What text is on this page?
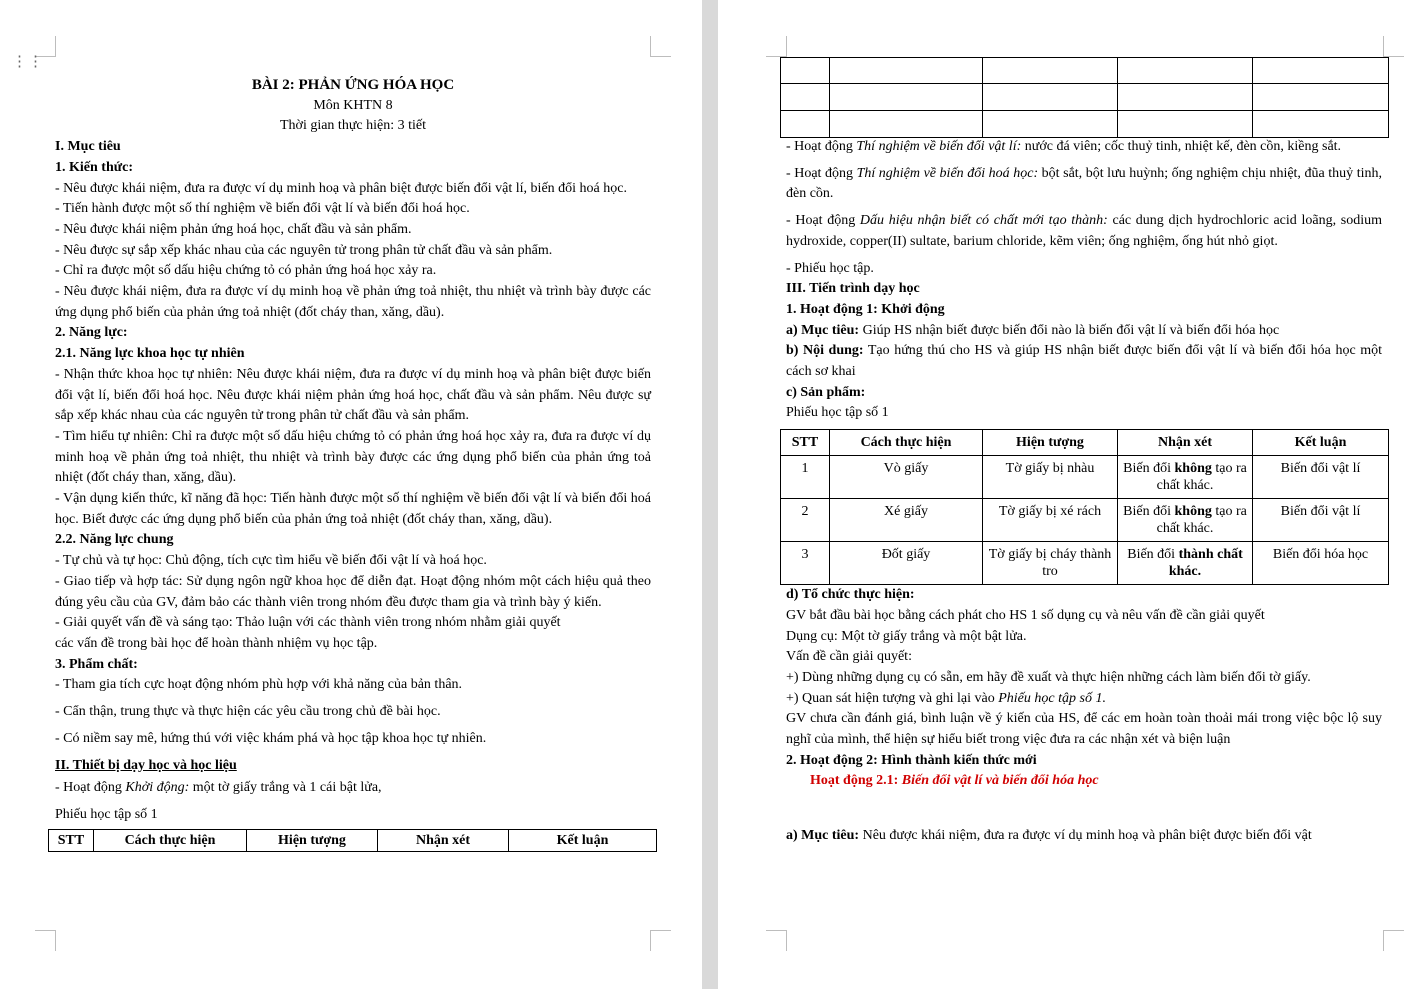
⋮⋮

BÀI 2: PHẢN ỨNG HÓA HỌC

Môn KHTN 8

Thời gian thực hiện: 3 tiết

I. Mục tiêu

1. Kiến thức:

- Nêu được khái niệm, đưa ra được ví dụ minh hoạ và phân biệt được biến đổi vật lí, biến đổi hoá học.

- Tiến hành được một số thí nghiệm về biến đổi vật lí và biến đổi hoá học.

- Nêu được khái niệm phản ứng hoá học, chất đầu và sản phẩm.

- Nêu được sự sắp xếp khác nhau của các nguyên tử trong phân tử chất đầu và sản phẩm.

- Chỉ ra được một số dấu hiệu chứng tỏ có phản ứng hoá học xảy ra.

- Nêu được khái niệm, đưa ra được ví dụ minh hoạ về phản ứng toả nhiệt, thu nhiệt và trình bày được các ứng dụng phổ biến của phản ứng toả nhiệt (đốt cháy than, xăng, dầu).

2. Năng lực:

2.1. Năng lực khoa học tự nhiên

- Nhận thức khoa học tự nhiên: Nêu được khái niệm, đưa ra được ví dụ minh hoạ và phân biệt được biến đổi vật lí, biến đổi hoá học. Nêu được khái niệm phản ứng hoá học, chất đầu và sản phẩm. Nêu được sự sắp xếp khác nhau của các nguyên tử trong phân tử chất đầu và sản phẩm.

- Tìm hiểu tự nhiên: Chỉ ra được một số dấu hiệu chứng tỏ có phản ứng hoá học xảy ra, đưa ra được ví dụ minh hoạ về phản ứng toả nhiệt, thu nhiệt và trình bày được các ứng dụng phổ biến của phản ứng toả nhiệt (đốt cháy than, xăng, dầu).

- Vận dụng kiến thức, kĩ năng đã học: Tiến hành được một số thí nghiệm về biến đổi vật lí và biến đổi hoá học. Biết được các ứng dụng phổ biến của phản ứng toả nhiệt (đốt cháy than, xăng, dầu).

2.2. Năng lực chung

- Tự chủ và tự học: Chủ động, tích cực tìm hiểu về biến đổi vật lí và hoá học.

- Giao tiếp và hợp tác: Sử dụng ngôn ngữ khoa học để diễn đạt. Hoạt động nhóm một cách hiệu quả theo đúng yêu cầu của GV, đảm bảo các thành viên trong nhóm đều được tham gia và trình bày ý kiến.

- Giải quyết vấn đề và sáng tạo: Thảo luận với các thành viên trong nhóm nhằm giải quyết

các vấn đề trong bài học để hoàn thành nhiệm vụ học tập.

3. Phẩm chất:

- Tham gia tích cực hoạt động nhóm phù hợp với khả năng của bản thân.

- Cẩn thận, trung thực và thực hiện các yêu cầu trong chủ đề bài học.

- Có niềm say mê, hứng thú với việc khám phá và học tập khoa học tự nhiên.

II. Thiết bị dạy học và học liệu

- Hoạt động Khởi động: một tờ giấy trắng và 1 cái bật lửa,

Phiếu học tập số 1

STT	Cách thực hiện	Hiện tượng	Nhận xét	Kết luận

- Hoạt động Thí nghiệm về biến đổi vật lí: nước đá viên; cốc thuỷ tinh, nhiệt kế, đèn cồn, kiềng sắt.

- Hoạt động Thí nghiệm về biến đổi hoá học: bột sắt, bột lưu huỳnh; ống nghiệm chịu nhiệt, đũa thuỷ tinh, đèn cồn.

- Hoạt động Dấu hiệu nhận biết có chất mới tạo thành: các dung dịch hydrochloric acid loãng, sodium hydroxide, copper(II) sultate, barium chloride, kẽm viên; ống nghiệm, ống hút nhỏ giọt.

- Phiếu học tập.

III. Tiến trình dạy học

1. Hoạt động 1: Khởi động

a) Mục tiêu: Giúp HS nhận biết được biến đổi nào là biến đổi vật lí và biến đổi hóa học

b) Nội dung: Tạo hứng thú cho HS và giúp HS nhận biết được biến đổi vật lí và biến đổi hóa học một cách sơ khai

c) Sản phẩm:

Phiếu học tập số 1

STT	Cách thực hiện	Hiện tượng	Nhận xét	Kết luận
1	Vò giấy	Tờ giấy bị nhàu	Biến đổi không tạo ra chất khác.	Biến đổi vật lí
2	Xé giấy	Tờ giấy bị xé rách	Biến đổi không tạo ra chất khác.	Biến đổi vật lí
3	Đốt giấy	Tờ giấy bị cháy thành tro	Biến đổi thành chất khác.	Biến đổi hóa học

d) Tổ chức thực hiện:

GV bắt đầu bài học bằng cách phát cho HS 1 số dụng cụ và nêu vấn đề cần giải quyết

Dụng cụ: Một tờ giấy trắng và một bật lửa.

Vấn đề cần giải quyết:

+) Dùng những dụng cụ có sẵn, em hãy đề xuất và thực hiện những cách làm biến đổi tờ giấy.

+) Quan sát hiện tượng và ghi lại vào Phiếu học tập số 1.

GV chưa cần đánh giá, bình luận về ý kiến của HS, để các em hoàn toàn thoải mái trong việc bộc lộ suy nghĩ của mình, thể hiện sự hiểu biết trong việc đưa ra các nhận xét và biện luận

2. Hoạt động 2: Hình thành kiến thức mới

Hoạt động 2.1: Biến đổi vật lí và biến đổi hóa học

a) Mục tiêu: Nêu được khái niệm, đưa ra được ví dụ minh hoạ và phân biệt được biến đổi vật
